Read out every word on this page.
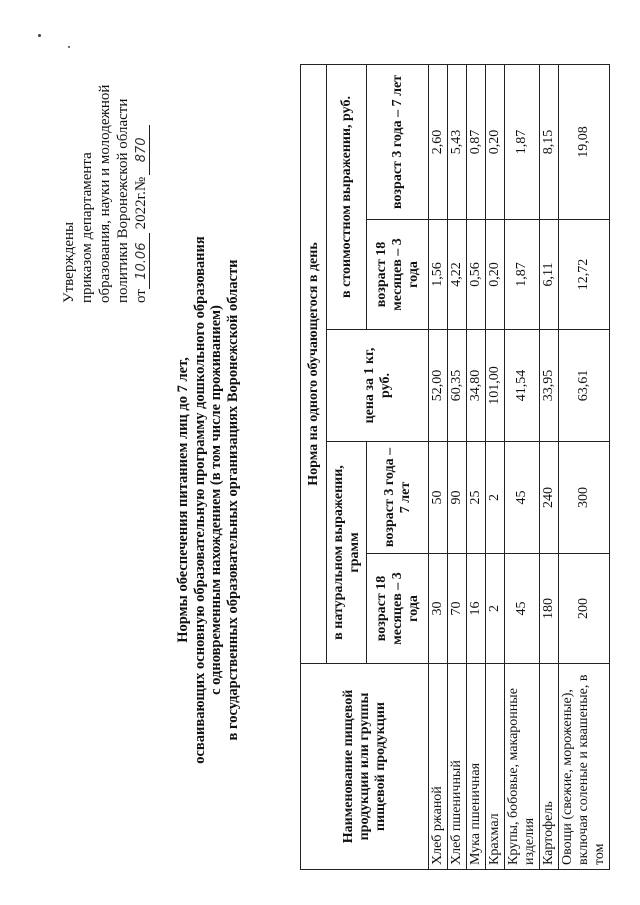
Утверждены приказом департамента образования, науки и молодежной политики Воронежской области от10.06 2022г.№870
Нормы обеспечения питанием лиц до 7 лет, осваивающих основную образовательную программу дошкольного образования с одновременным нахождением (в том числе проживанием) в государственных образовательных организациях Воронежской области
Наименование пищевой продукции или группы пищевой продукции	Норма на одного обучающегося в день				
	в натуральном выражении, грамм		цена за 1 кг, руб.	в стоимостном выражении, руб.	
	возраст 18 месяцев – 3 года	возраст 3 года – 7 лет		возраст 18 месяцев – 3 года	возраст 3 года – 7 лет
Хлеб ржаной	30	50	52,00	1,56	2,60
Хлеб пшеничный	70	90	60,35	4,22	5,43
Мука пшеничная	16	25	34,80	0,56	0,87
Крахмал	2	2	101,00	0,20	0,20
Крупы, бобовые, макаронные изделия	45	45	41,54	1,87	1,87
Картофель	180	240	33,95	6,11	8,15
Овощи (свежие, мороженые), включая соленые и квашеные, в том	200	300	63,61	12,72	19,08
